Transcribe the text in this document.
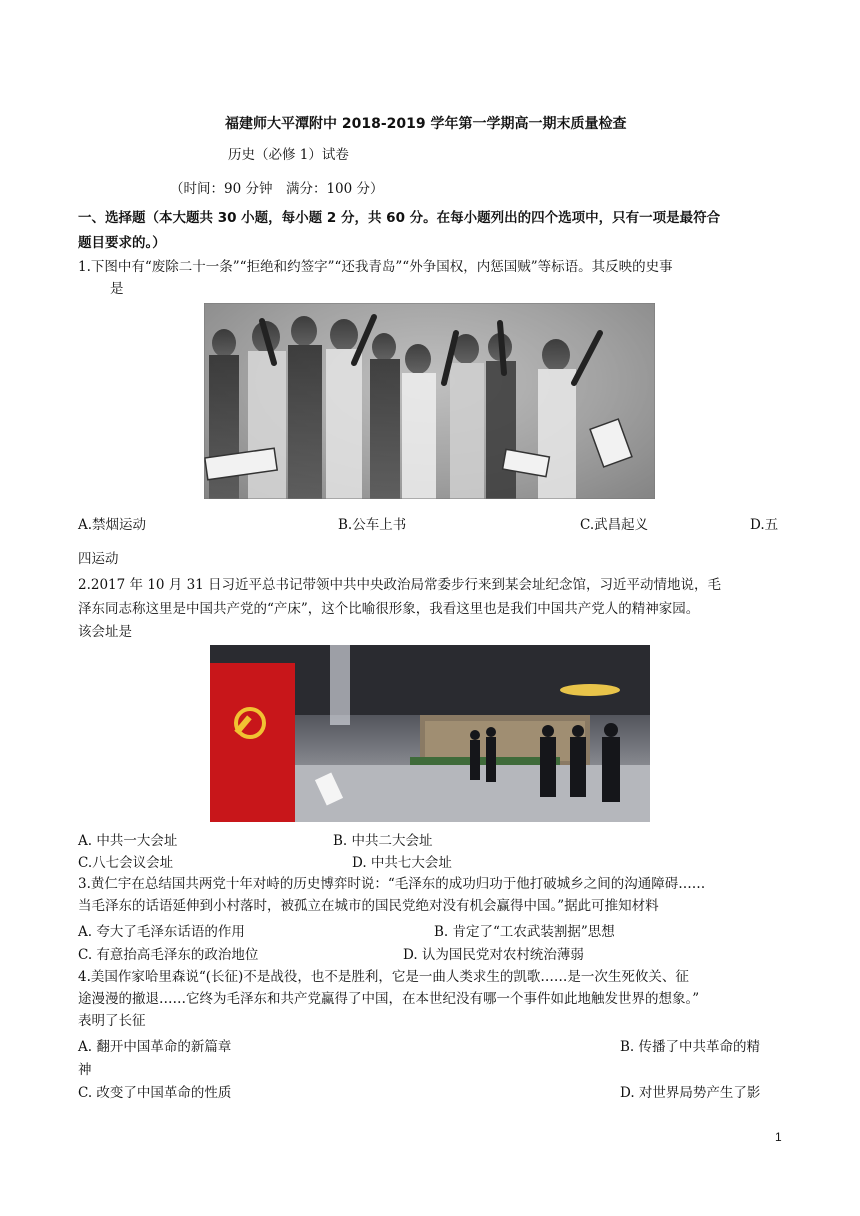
福建师大平潭附中 2018-2019 学年第一学期高一期末质量检查
历史（必修 1）试卷
（时间：90 分钟　满分：100 分）
一、选择题（本大题共 30 小题，每小题 2 分，共 60 分。在每小题列出的四个选项中，只有一项是最符合
题目要求的。）
1.下图中有“废除二十一条”“拒绝和约签字”“还我青岛”“外争国权，内惩国贼”等标语。其反映的史事
是
A.禁烟运动	B.公车上书	C.武昌起义	D.五
四运动
2.2017 年 10 月 31 日习近平总书记带领中共中央政治局常委步行来到某会址纪念馆，习近平动情地说，毛
泽东同志称这里是中国共产党的“产床”，这个比喻很形象，我看这里也是我们中国共产党人的精神家园。
该会址是
A. 中共一大会址	B. 中共二大会址
C.八七会议会址	D. 中共七大会址
3.黄仁宇在总结国共两党十年对峙的历史博弈时说：“毛泽东的成功归功于他打破城乡之间的沟通障碍……
当毛泽东的话语延伸到小村落时，被孤立在城市的国民党绝对没有机会赢得中国。”据此可推知材料
A. 夸大了毛泽东话语的作用	B. 肯定了“工农武装割据”思想
C. 有意抬高毛泽东的政治地位	D. 认为国民党对农村统治薄弱
4.美国作家哈里森说“(长征)不是战役，也不是胜利，它是一曲人类求生的凯歌……是一次生死攸关、征
途漫漫的撤退……它终为毛泽东和共产党赢得了中国，在本世纪没有哪一个事件如此地触发世界的想象。”
表明了长征
A. 翻开中国革命的新篇章	B. 传播了中共革命的精
神
C. 改变了中国革命的性质	D. 对世界局势产生了影
1
